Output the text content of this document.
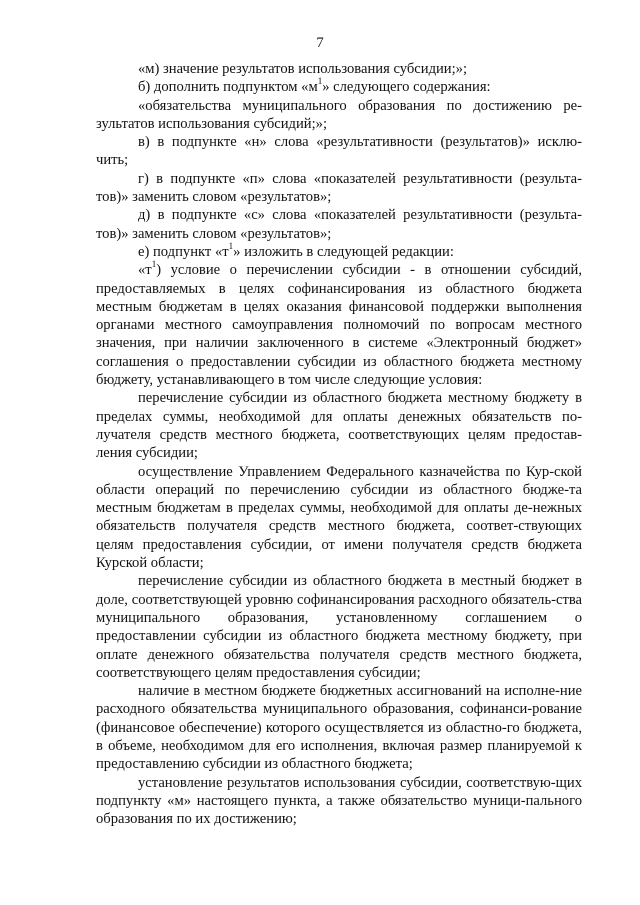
7

«м) значение результатов использования субсидии;»;

б) дополнить подпунктом «$м^1$» следующего содержания:

«обязательства муниципального образования по достижению ре-зультатов использования субсидий;»;

в) в подпункте «н» слова «результативности (результатов)» исклю-чить;

г) в подпункте «п» слова «показателей результативности (результа-тов)» заменить словом «результатов»;

д) в подпункте «с» слова «показателей результативности (результа-тов)» заменить словом «результатов»;

е) подпункт «$т^1$» изложить в следующей редакции:

«$т^1$) условие о перечислении субсидии - в отношении субсидий, предоставляемых в целях софинансирования из областного бюджета местным бюджетам в целях оказания финансовой поддержки выполнения органами местного самоуправления полномочий по вопросам местного значения, при наличии заключенного в системе «Электронный бюджет» соглашения о предоставлении субсидии из областного бюджета местному бюджету, устанавливающего в том числе следующие условия:

перечисление субсидии из областного бюджета местному бюджету в пределах суммы, необходимой для оплаты денежных обязательств по-лучателя средств местного бюджета, соответствующих целям предостав-ления субсидии;

осуществление Управлением Федерального казначейства по Кур-ской области операций по перечислению субсидии из областного бюдже-та местным бюджетам в пределах суммы, необходимой для оплаты де-нежных обязательств получателя средств местного бюджета, соответ-ствующих целям предоставления субсидии, от имени получателя средств бюджета Курской области;

перечисление субсидии из областного бюджета в местный бюджет в доле, соответствующей уровню софинансирования расходного обязатель-ства муниципального образования, установленному соглашением о предоставлении субсидии из областного бюджета местному бюджету, при оплате денежного обязательства получателя средств местного бюджета, соответствующего целям предоставления субсидии;

наличие в местном бюджете бюджетных ассигнований на исполне-ние расходного обязательства муниципального образования, софинанси-рование (финансовое обеспечение) которого осуществляется из областно-го бюджета, в объеме, необходимом для его исполнения, включая размер планируемой к предоставлению субсидии из областного бюджета;

установление результатов использования субсидии, соответствую-щих подпункту «м» настоящего пункта, а также обязательство муници-пального образования по их достижению;
